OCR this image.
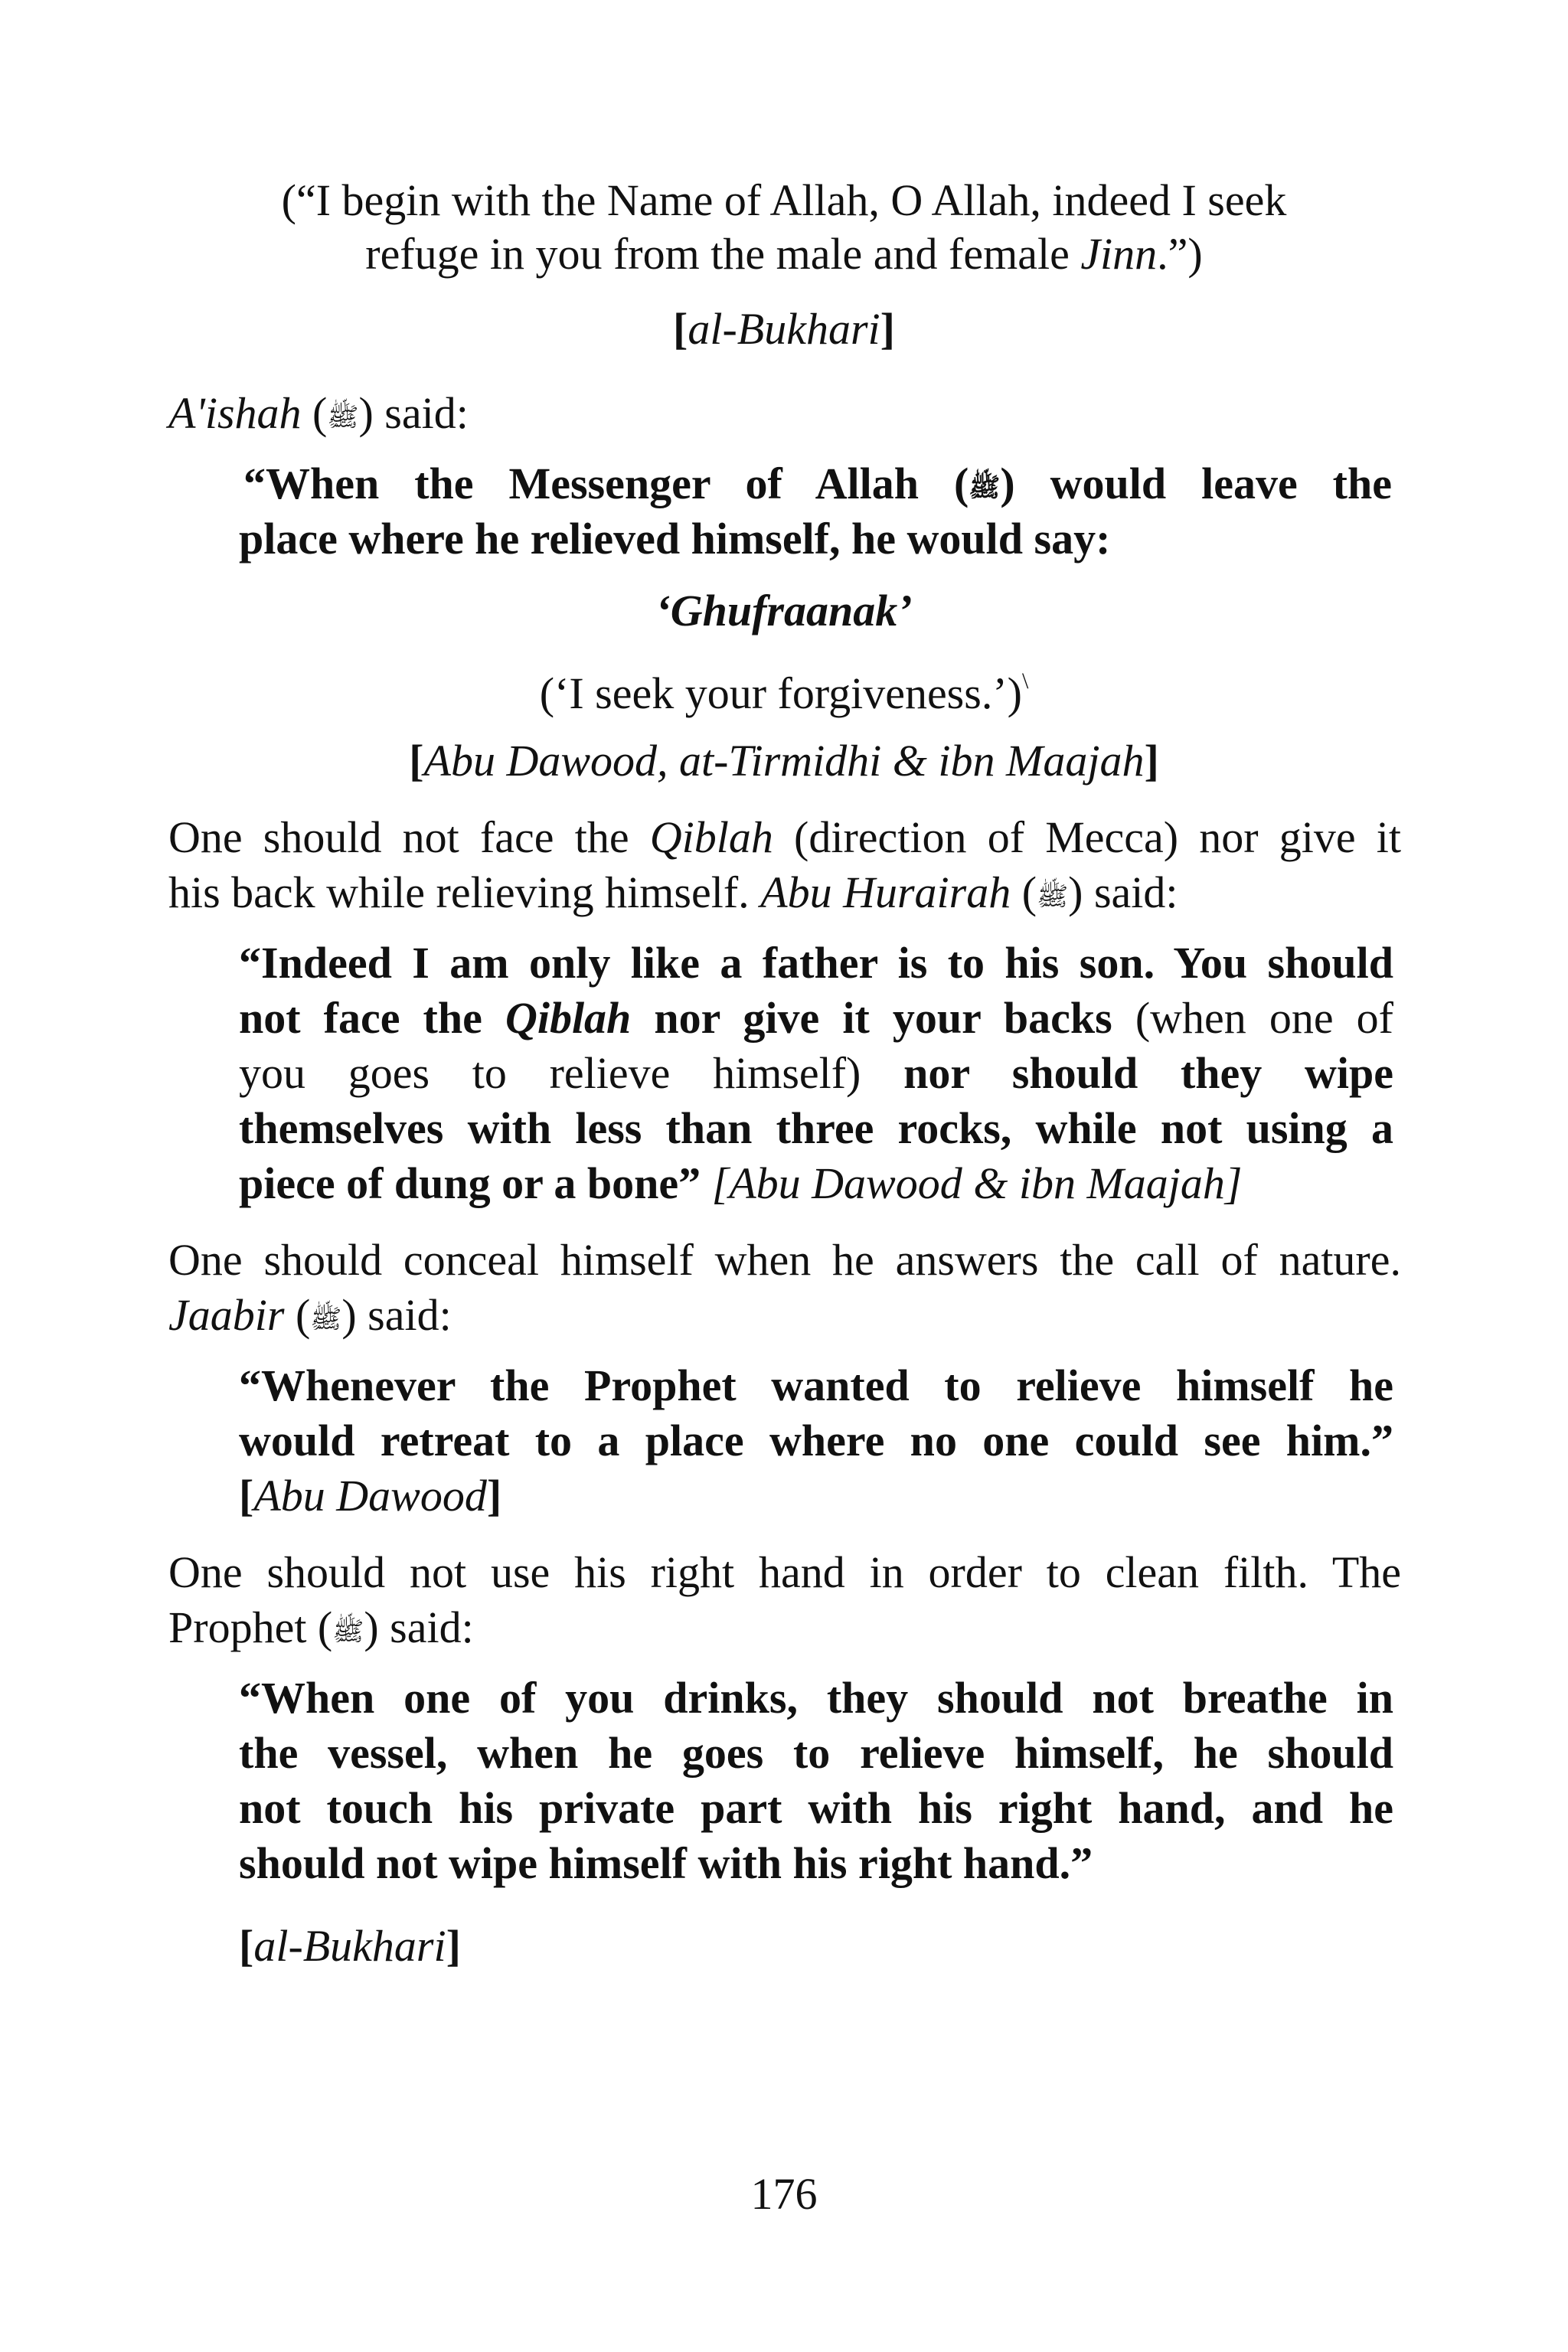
(“I begin with the Name of Allah, O Allah, indeed I seek
refuge in you from the male and female Jinn.”)
[al-Bukhari]
A'ishah (ﷺ) said:
“When the Messenger of Allah (ﷺ) would leave the
place where he relieved himself, he would say:
‘Ghufraanak’
(‘I seek your forgiveness.’)\
[Abu Dawood, at-Tirmidhi & ibn Maajah]
One should not face the Qiblah (direction of Mecca) nor give it
his back while relieving himself. Abu Hurairah (ﷺ) said:
“Indeed I am only like a father is to his son. You should
not face the Qiblah nor give it your backs (when one of
you goes to relieve himself) nor should they wipe
themselves with less than three rocks, while not using a
piece of dung or a bone” [Abu Dawood & ibn Maajah]
One should conceal himself when he answers the call of nature.
Jaabir (ﷺ) said:
“Whenever the Prophet wanted to relieve himself he
would retreat to a place where no one could see him.”
[Abu Dawood]
One should not use his right hand in order to clean filth. The
Prophet (ﷺ) said:
“When one of you drinks, they should not breathe in
the vessel, when he goes to relieve himself, he should
not touch his private part with his right hand, and he
should not wipe himself with his right hand.”
[al-Bukhari]
176
